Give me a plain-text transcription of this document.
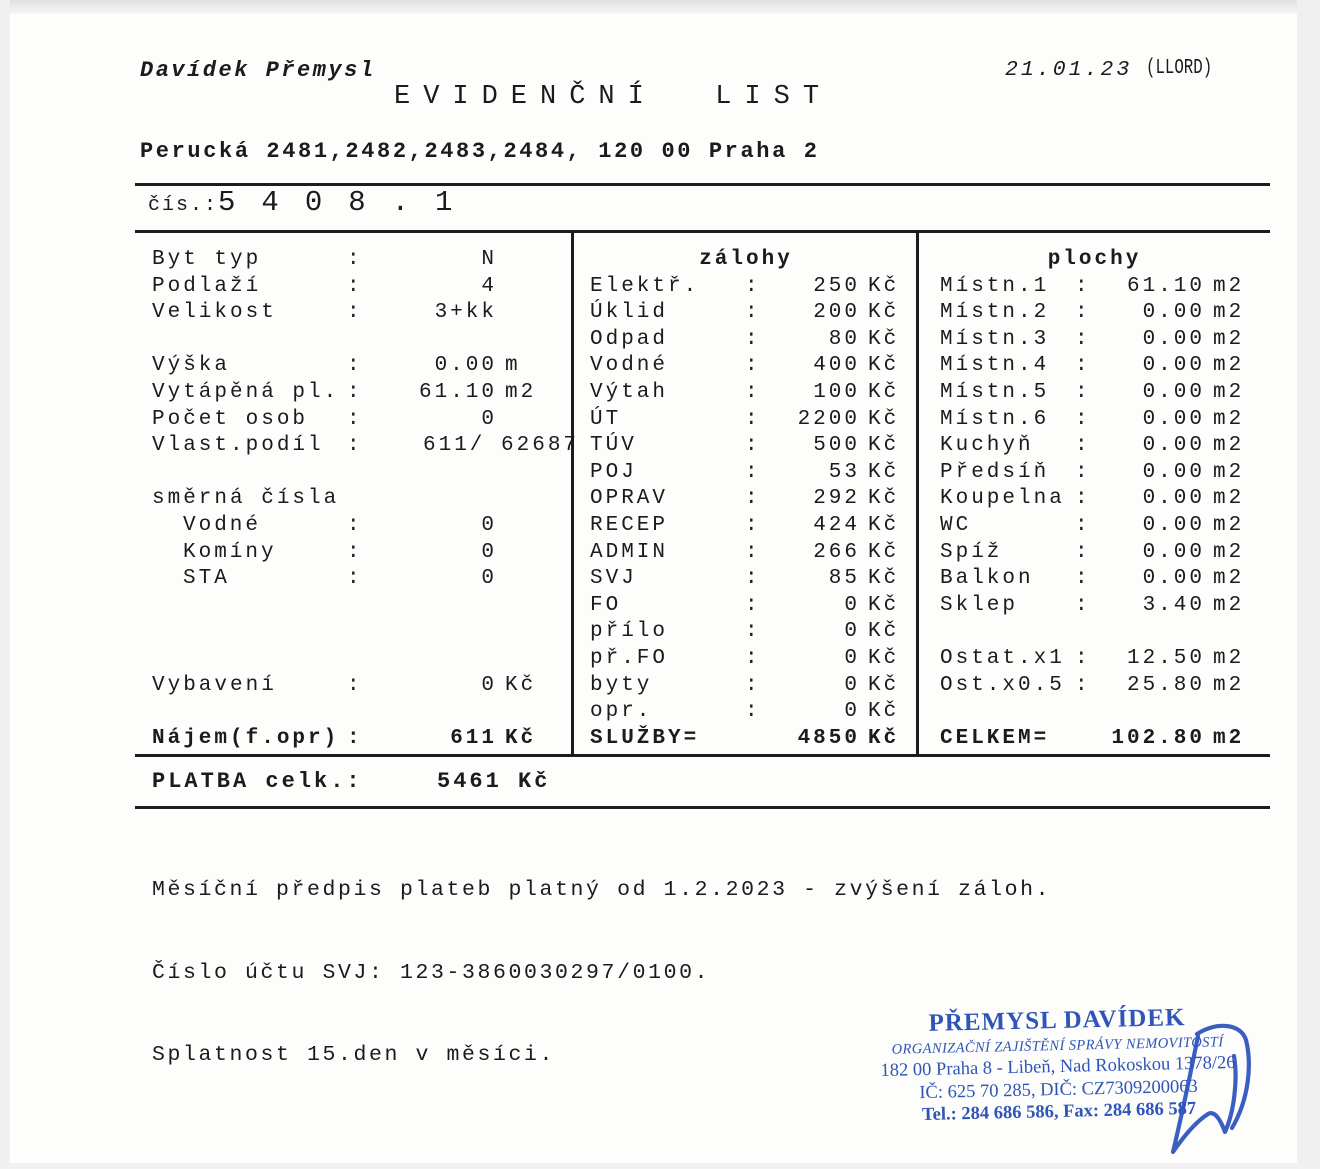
Davídek Přemysl	21.01.23 (LLORD)
EVIDENČNÍ  LIST
Perucká 2481,2482,2483,2484, 120 00 Praha 2
čís.: 5408.1
Byt typ	:	N
Podlaží	:	4
Velikost	:	3+kk
Výška	:	0.00 m
Vytápěná pl. :	61.10 m2
Počet osob	:	0
Vlast.podíl	:	611/ 62687
směrná čísla
Vodné	:	0
Komíny	:	0
STA	:	0
Vybavení	:	0 Kč
Nájem(f.opr) :	611 Kč
zálohy
Elektř.	:	250 Kč
Úklid	:	200 Kč
Odpad	:	80 Kč
Vodné	:	400 Kč
Výtah	:	100 Kč
ÚT	:	2200 Kč
TÚV	:	500 Kč
POJ	:	53 Kč
OPRAV	:	292 Kč
RECEP	:	424 Kč
ADMIN	:	266 Kč
SVJ	:	85 Kč
FO	:	0 Kč
přílo	:	0 Kč
př.FO	:	0 Kč
byty	:	0 Kč
opr.	:	0 Kč
SLUŽBY=	4850 Kč
plochy
Místn.1	:	61.10 m2
Místn.2	:	0.00 m2
Místn.3	:	0.00 m2
Místn.4	:	0.00 m2
Místn.5	:	0.00 m2
Místn.6	:	0.00 m2
Kuchyň	:	0.00 m2
Předsíň	:	0.00 m2
Koupelna :	0.00 m2
WC	:	0.00 m2
Spíž	:	0.00 m2
Balkon	:	0.00 m2
Sklep	:	3.40 m2
Ostat.x1 :	12.50 m2
Ost.x0.5 :	25.80 m2
CELKEM=	102.80 m2
PLATBA celk.:	5461 Kč

Měsíční předpis plateb platný od 1.2.2023 - zvýšení záloh.

Číslo účtu SVJ: 123-3860030297/0100.

Splatnost 15.den v měsíci.

PŘEMYSL DAVÍDEK
ORGANIZAČNÍ ZAJIŠTĚNÍ SPRÁVY NEMOVITOSTÍ
182 00 Praha 8 - Libeň, Nad Rokoskou 1378/26
IČ: 625 70 285, DIČ: CZ7309200063
Tel.: 284 686 586, Fax: 284 686 587
